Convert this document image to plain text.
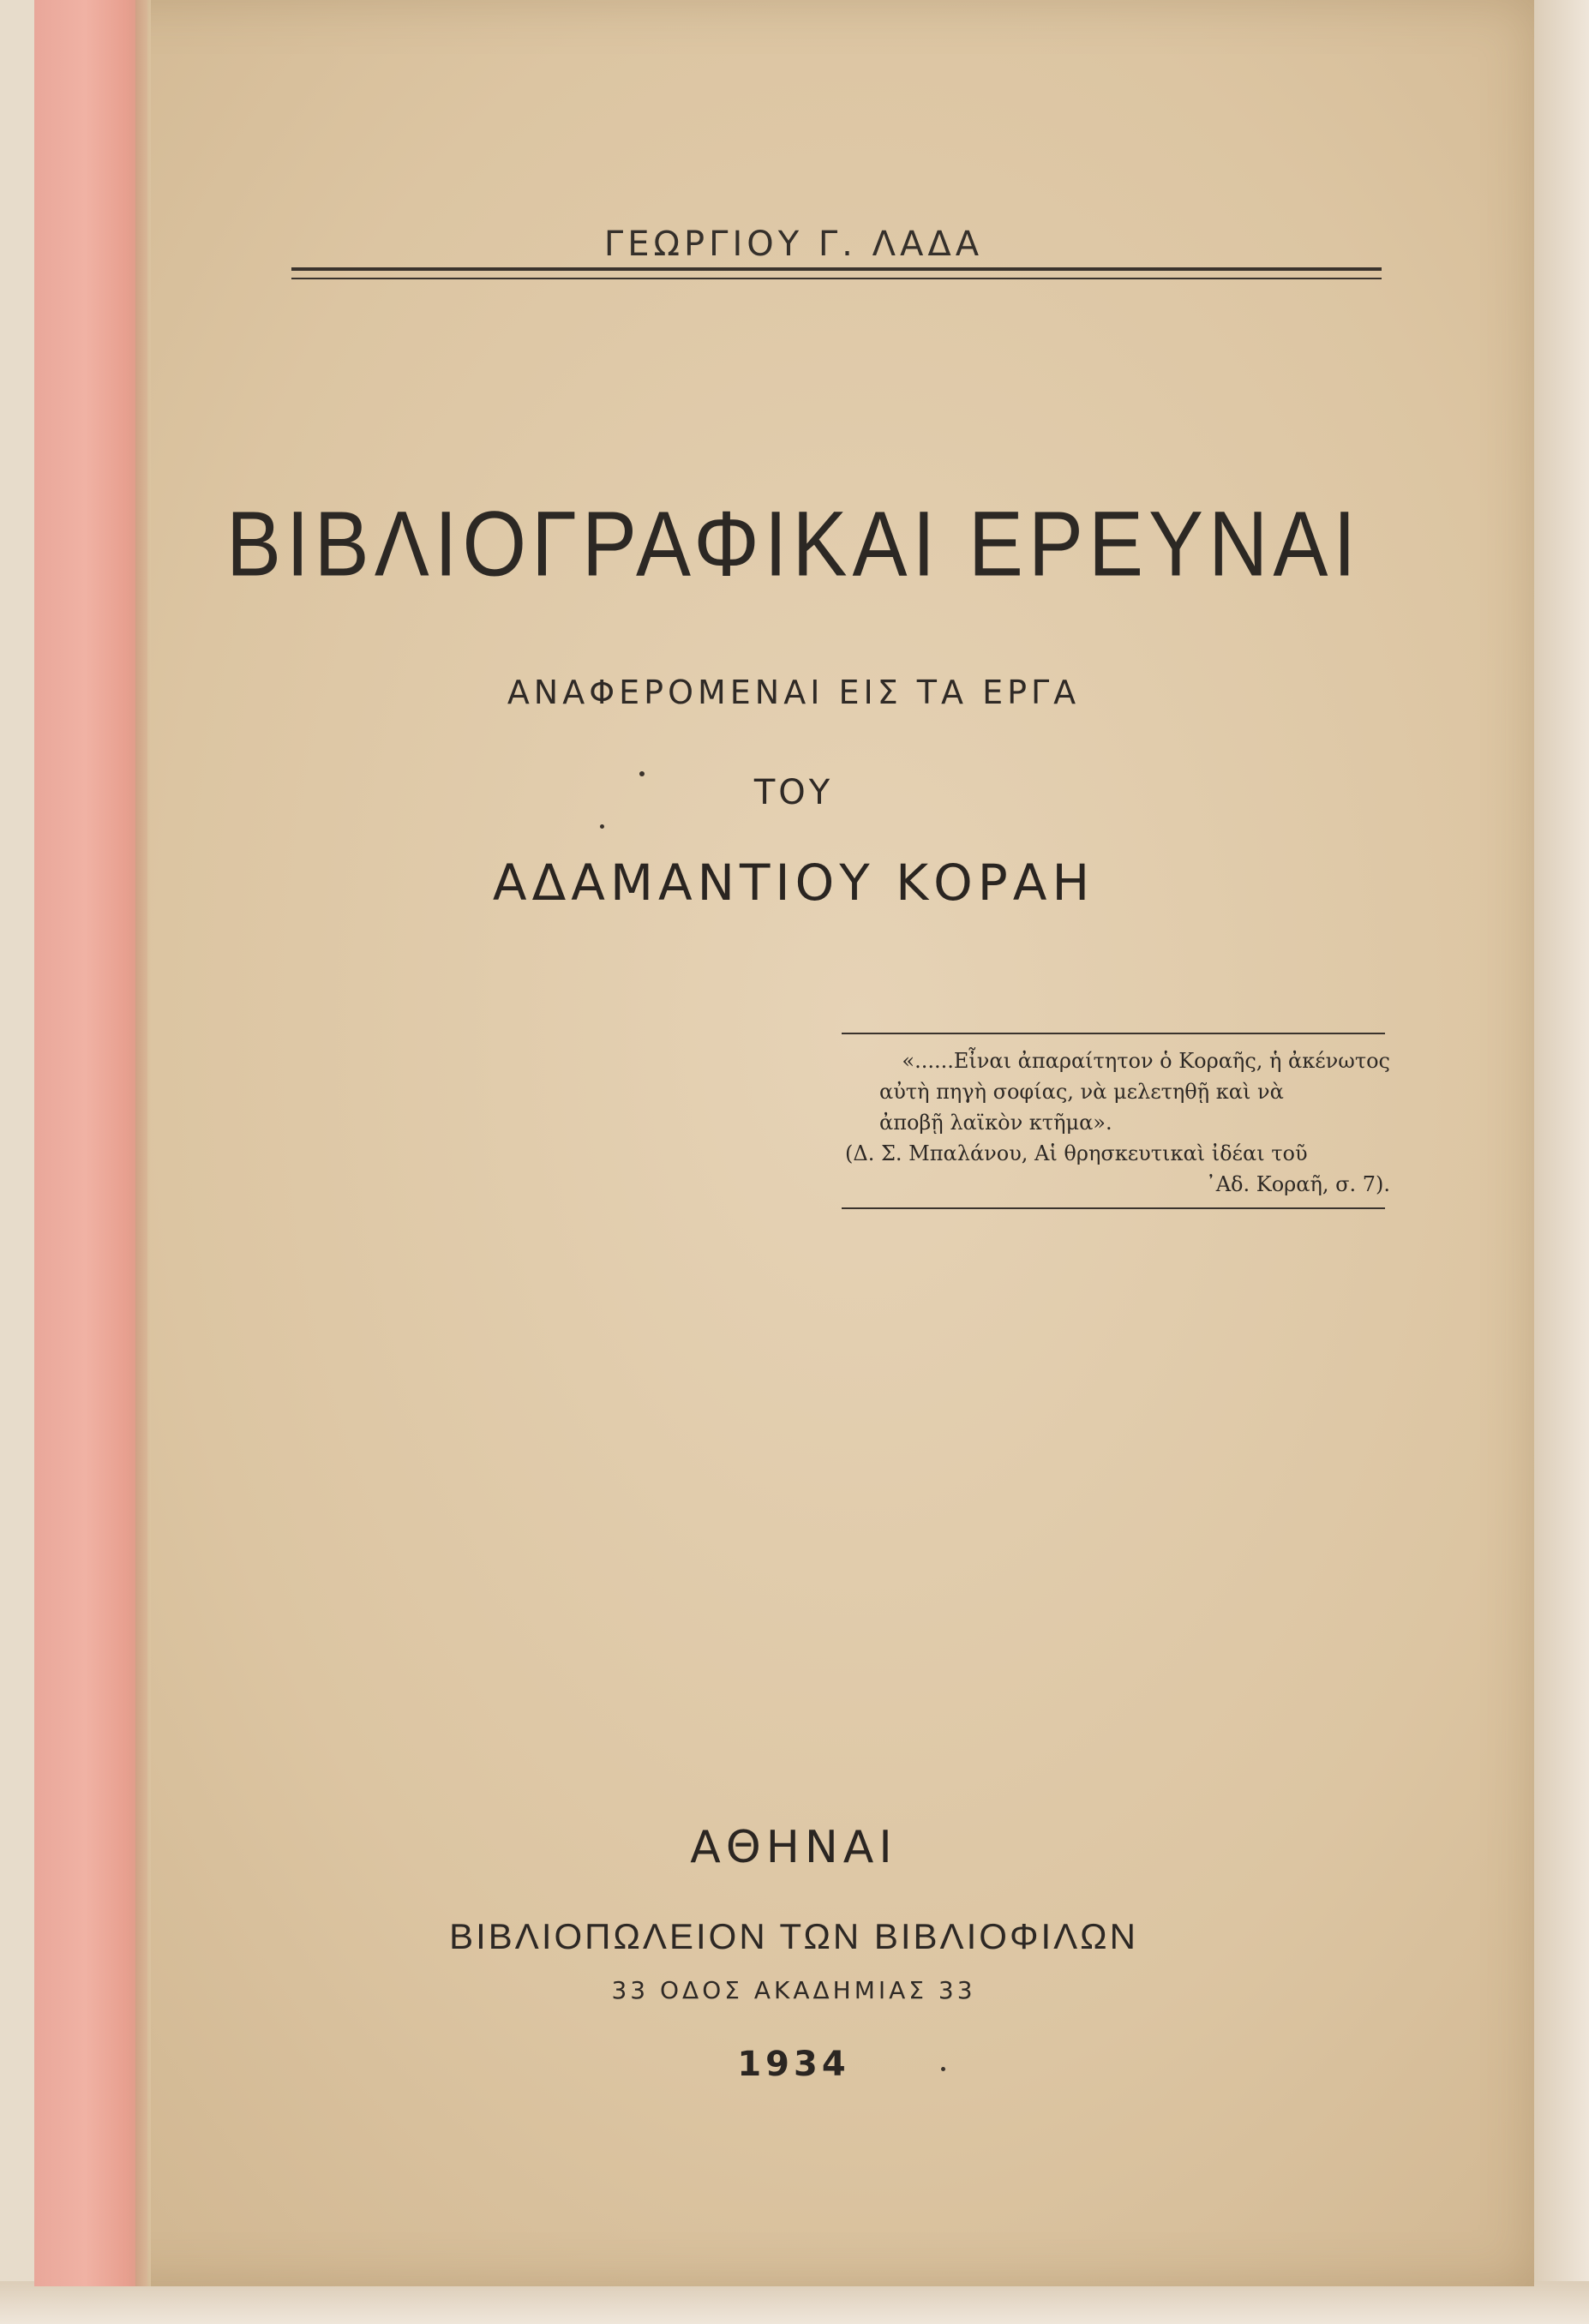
ΓΕΩΡΓΙΟΥ Γ. ΛΑΔΑ
ΒΙΒΛΙΟΓΡΑΦΙΚΑΙ ΕΡΕΥΝΑΙ
ΑΝΑΦΕΡΟΜΕΝΑΙ ΕΙΣ ΤΑ ΕΡΓΑ
ΤΟΥ
ΑΔΑΜΑΝΤΙΟΥ ΚΟΡΑΗ
«......Εἶναι ἀπαραίτητον ὁ Κοραῆς, ἡ ἀκένωτος
αὐτὴ πηγὴ σοφίας, νὰ μελετηθῇ καὶ νὰ
ἀποβῇ λαϊκὸν κτῆμα».
(Δ. Σ. Μπαλάνου, Αἱ θρησκευτικαὶ ἰδέαι τοῦ
᾿Αδ. Κοραῆ, σ. 7).
ΑΘΗΝΑΙ
ΒΙΒΛΙΟΠΩΛΕΙΟΝ ΤΩΝ ΒΙΒΛΙΟΦΙΛΩΝ
33 ΟΔΟΣ ΑΚΑΔΗΜΙΑΣ 33
1934
